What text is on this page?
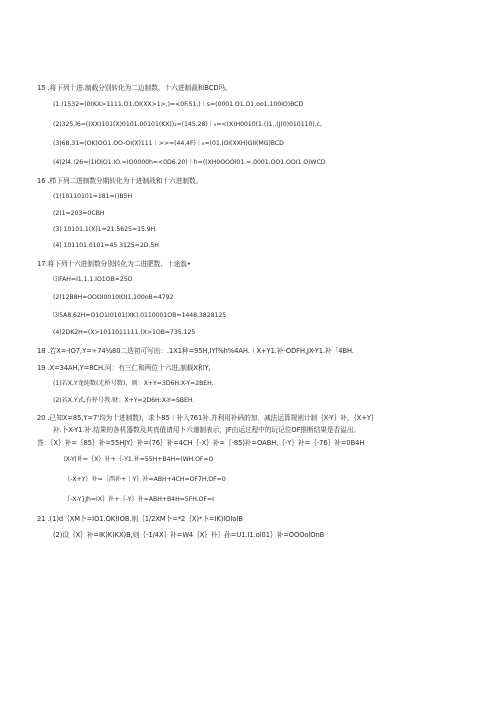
15 .将下列十进.制载分别转化为二边制数、十六进制裁和BCD玛。
(1.)1532=(0(KX>1111.O1.OI(XX>1>,)=<0F.51,)｜s=(0001.O1.O1.oo1.100IO)BCD
(2)325.l6=((XX)101(X)0101.00101(KX))₂=(145.28)｜₆=<(X)H0010(1.()1..(J(0)010110),c,
(3)68.31=(OK)OO1.OO-OI(X)111｜>>=(44.4F)｜₆=(01.IOI(XXH)GII(MG)BCD
(4)2l4.!26=(1IOlO1.IO.=IO0000h=<0D6.20)｜h=((XH0OOOl01.=.0001.OO1.OOI1.O)WCD
16 .栉下列二进制数分期转化为十进制战和十六进制数。
(1)10110101=181=()B5H
(2)1=203=0CBH
(3) 10101.1(X)1=21.5625=15.9H
(4) 101101.0101=45 3125=2D.5H
17.将下列十六进制数分别转化为二进肥数、十途翁•
⑴FAH=I1.1.1.IO1OB=25O
(2)12B8H=OOOI0010IOI1,100oB=4792
⑶5A8.62H=O1O1I0101(XK).0110001OB=1448.3828125
(4)2DK2H=(X>1011011111.(X>1OB=735.125
18 .若X=-IO7,Y=÷74¼80二迭初可写出：.1X1种=95H,IYl%h%4AH.｜X+Y1.补-ODFH,JX-Y1.补「4BH.
19 .X=34AH,Y=8CH.问：有三仁和两位十六进,制载X和Y,
(1)若X,Y龙纯数(无桥号数)，则：X+Y=3D6H:X-Y=2BEH.
(2)若X.Y式,有杼号我.财：X+Y=2D6H:X-Y=SBEH.
20 .已知X=85,Y=7'均为十进制数)，求卜85｜补入761补.并利用补码的加．减法运算规则计制｛X-Y｝补，｛X+Y｝
补.卜X-Y1.补.结果的各机器数及其真值请用卜六谨制表示，JF由运过程中的玩记位OF推断结果是否溢出。
答：｛X｝补=｛85｝补=55HJY｝补=(76｝补=4CH｛-X｝补=｛-85)补=OABH,｛-Y｝补=｛-76｝补=0B4H
lX-Y|补=｛X｝补+｛-Y1.补=55H+B4H=(WH.OF=O
｛-X+Y｝补=［西补+｜Y｝补=ABH+4CH=OF7H,OF=0
｛-X-Y}Jh=IX｝补+｛-Y｝补=ABH+B4H=5FH.OF=I
21 .(1)d｛XM卜=IO1.OK)IOB.则｛1/2XM卜=*2｛X)*卜=IK)IOIoIB
(2)设｛X｝补=IK)K)KX)B,则｛-1/4X｝补=W4｛X｝朴］孙=U1.I1.ol01｝补=OOOolOnB
